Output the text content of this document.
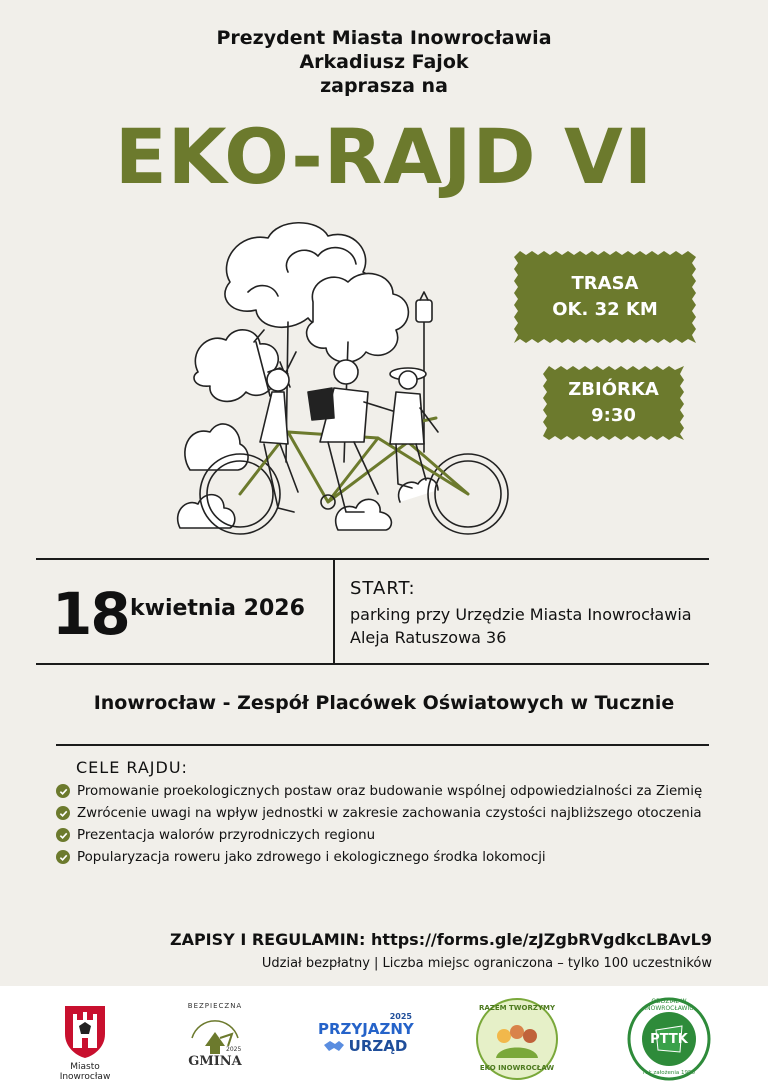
Prezydent Miasta Inowrocławia
Arkadiusz Fajok
zaprasza na
EKO-RAJD VI
TRASA
OK. 32 KM
ZBIÓRKA
9:30
18 kwietnia 2026
START:
parking przy Urzędzie Miasta Inowrocławia
Aleja Ratuszowa 36
Inowrocław - Zespół Placówek Oświatowych w Tucznie
CELE RAJDU:
Promowanie proekologicznych postaw oraz budowanie wspólnej odpowiedzialności za Ziemię
Zwrócenie uwagi na wpływ jednostki w zakresie zachowania czystości najbliższego otoczenia
Prezentacja walorów przyrodniczych regionu
Popularyzacja roweru jako zdrowego i ekologicznego środka lokomocji
ZAPISY I REGULAMIN: https://forms.gle/zJZgbRVgdkcLBAvL9
Udział bezpłatny | Liczba miejsc ograniczona – tylko 100 uczestników
Miasto
Inowrocław
BEZPIECZNA
2025
GMINA
2025
PRZYJAZNY
URZĄD
RAZEM TWORZYMY
EKO INOWROCŁAW
ODDZIAŁ W INOWROCŁAWIU
PTTK
rok założenia 1950
